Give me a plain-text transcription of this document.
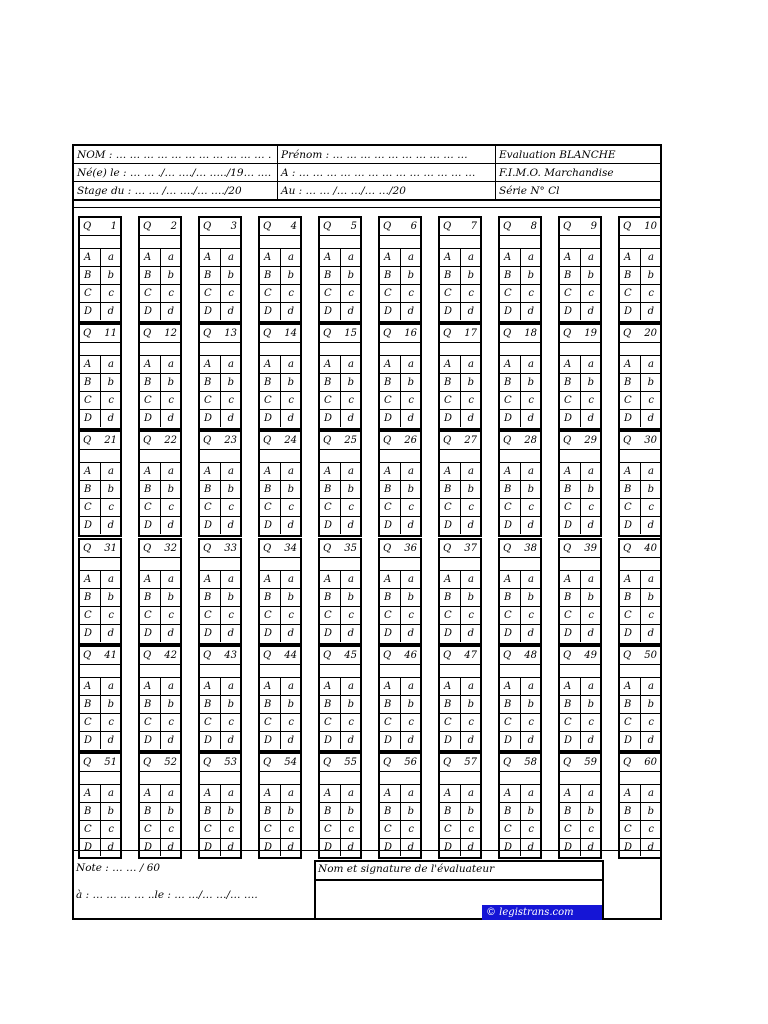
NOM : … … … … … … … … … … … . Prénom : … … … … … … … … … …	Evaluation BLANCHE
Né(e) le : … … ./… …./… …../19… .… A : … … … … … … … … … … … … …	F.I.M.O. Marchandise
Stage du : … … /… …./… …./20	Au : … … /… …/… …/20	Série N° Cl
Q 1
A a
B b
C c
D d
Q 2
A a
B b
C c
D d
Q 3
A a
B b
C c
D d
Q 4
A a
B b
C c
D d
Q 5
A a
B b
C c
D d
Q 6
A a
B b
C c
D d
Q 7
A a
B b
C c
D d
Q 8
A a
B b
C c
D d
Q 9
A a
B b
C c
D d
Q 10
A a
B b
C c
D d
Q 11
A a
B b
C c
D d
Q 12
A a
B b
C c
D d
Q 13
A a
B b
C c
D d
Q 14
A a
B b
C c
D d
Q 15
A a
B b
C c
D d
Q 16
A a
B b
C c
D d
Q 17
A a
B b
C c
D d
Q 18
A a
B b
C c
D d
Q 19
A a
B b
C c
D d
Q 20
A a
B b
C c
D d
Q 21
A a
B b
C c
D d
Q 22
A a
B b
C c
D d
Q 23
A a
B b
C c
D d
Q 24
A a
B b
C c
D d
Q 25
A a
B b
C c
D d
Q 26
A a
B b
C c
D d
Q 27
A a
B b
C c
D d
Q 28
A a
B b
C c
D d
Q 29
A a
B b
C c
D d
Q 30
A a
B b
C c
D d
Q 31
A a
B b
C c
D d
Q 32
A a
B b
C c
D d
Q 33
A a
B b
C c
D d
Q 34
A a
B b
C c
D d
Q 35
A a
B b
C c
D d
Q 36
A a
B b
C c
D d
Q 37
A a
B b
C c
D d
Q 38
A a
B b
C c
D d
Q 39
A a
B b
C c
D d
Q 40
A a
B b
C c
D d
Q 41
A a
B b
C c
D d
Q 42
A a
B b
C c
D d
Q 43
A a
B b
C c
D d
Q 44
A a
B b
C c
D d
Q 45
A a
B b
C c
D d
Q 46
A a
B b
C c
D d
Q 47
A a
B b
C c
D d
Q 48
A a
B b
C c
D d
Q 49
A a
B b
C c
D d
Q 50
A a
B b
C c
D d
Q 51
A a
B b
C c
D d
Q 52
A a
B b
C c
D d
Q 53
A a
B b
C c
D d
Q 54
A a
B b
C c
D d
Q 55
A a
B b
C c
D d
Q 56
A a
B b
C c
D d
Q 57
A a
B b
C c
D d
Q 58
A a
B b
C c
D d
Q 59
A a
B b
C c
D d
Q 60
A a
B b
C c
D d
Note : … … / 60
à : … … … … ..le : … …/… …/… ….
Nom et signature de l'évaluateur
© legistrans.com
